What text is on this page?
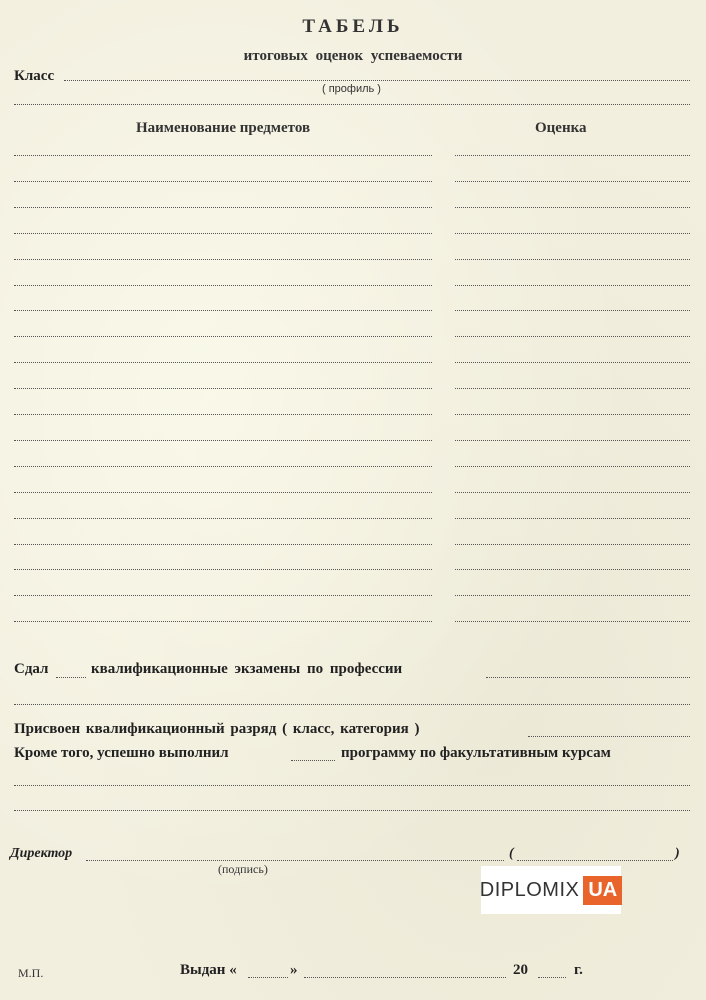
ТАБЕЛЬ
итоговых оценок успеваемости
Класс
( профиль )
Наименование предметов	Оценка
Сдал	квалификационные экзамены по профессии
Присвоен квалификационный разряд ( класс, категория )
Кроме того, успешно выполнил	программу по факультативным курсам
Директор	(	)
(подпись)
DIPLOMIX UA
М.П.	Выдан «	»	20	г.
